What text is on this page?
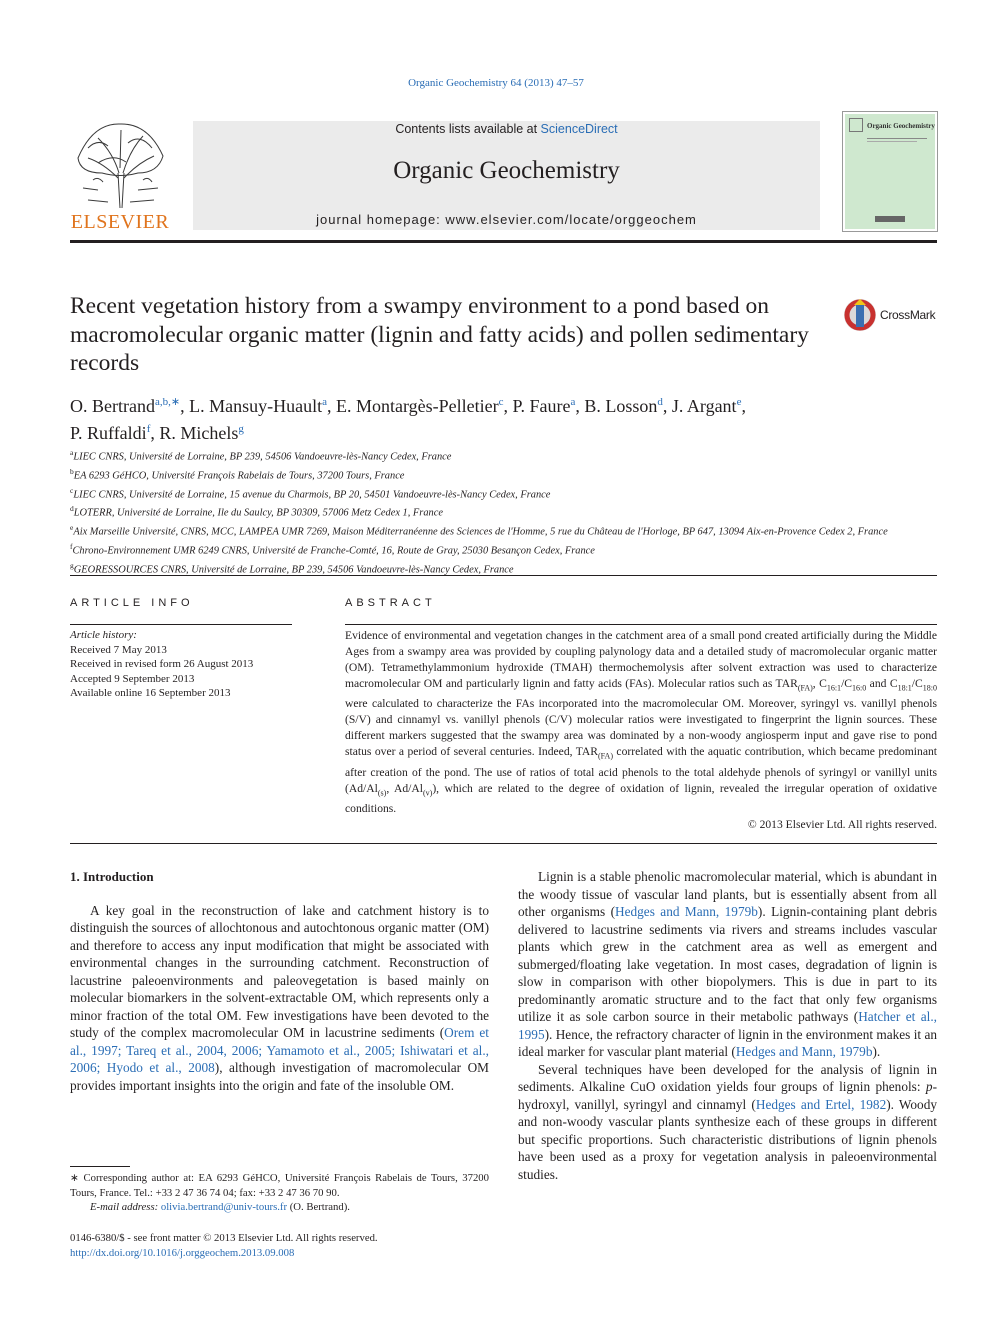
Organic Geochemistry 64 (2013) 47–57
ELSEVIER
Contents lists available at ScienceDirect
Organic Geochemistry
journal homepage: www.elsevier.com/locate/orggeochem
Organic Geochemistry
Recent vegetation history from a swampy environment to a pond based on macromolecular organic matter (lignin and fatty acids) and pollen sedimentary records
CrossMark
O. Bertrand$^{a,b,∗}$, L. Mansuy-Huault$^a$, E. Montargès-Pelletier$^c$, P. Faure$^a$, B. Losson$^d$, J. Argant$^e$,
P. Ruffaldi$^f$, R. Michels$^g$
$^a$LIEC CNRS, Université de Lorraine, BP 239, 54506 Vandoeuvre-lès-Nancy Cedex, France
$^b$EA 6293 GéHCO, Université François Rabelais de Tours, 37200 Tours, France
$^c$LIEC CNRS, Université de Lorraine, 15 avenue du Charmois, BP 20, 54501 Vandoeuvre-lès-Nancy Cedex, France
$^d$LOTERR, Université de Lorraine, Ile du Saulcy, BP 30309, 57006 Metz Cedex 1, France
$^e$Aix Marseille Université, CNRS, MCC, LAMPEA UMR 7269, Maison Méditerranéenne des Sciences de l'Homme, 5 rue du Château de l'Horloge, BP 647, 13094 Aix-en-Provence Cedex 2, France
$^f$Chrono-Environnement UMR 6249 CNRS, Université de Franche-Comté, 16, Route de Gray, 25030 Besançon Cedex, France
$^g$GEORESSOURCES CNRS, Université de Lorraine, BP 239, 54506 Vandoeuvre-lès-Nancy Cedex, France
ARTICLE INFO
Article history:
Received 7 May 2013
Received in revised form 26 August 2013
Accepted 9 September 2013
Available online 16 September 2013
ABSTRACT
Evidence of environmental and vegetation changes in the catchment area of a small pond created artificially during the Middle Ages from a swampy area was provided by coupling palynology data and a detailed study of macromolecular organic matter (OM). Tetramethylammonium hydroxide (TMAH) thermochemolysis after solvent extraction was used to characterize macromolecular OM and particularly lignin and fatty acids (FAs). Molecular ratios such as $TAR_{(FA)}$, $C_{16:1}/C_{16:0}$ and $C_{18:1}/C_{18:0}$ were calculated to characterize the FAs incorporated into the macromolecular OM. Moreover, syringyl vs. vanillyl phenols (S/V) and cinnamyl vs. vanillyl phenols (C/V) molecular ratios were investigated to fingerprint the lignin sources. These different markers suggested that the swampy area was dominated by a non-woody angiosperm input and gave rise to pond status over a period of several centuries. Indeed, $TAR_{(FA)}$ correlated with the aquatic contribution, which became predominant after creation of the pond. The use of ratios of total acid phenols to the total aldehyde phenols of syringyl or vanillyl units ($Ad/Al_{(s)}$, $Ad/Al_{(v)}$), which are related to the degree of oxidation of lignin, revealed the irregular operation of oxidative conditions.
© 2013 Elsevier Ltd. All rights reserved.
1. Introduction

A key goal in the reconstruction of lake and catchment history is to distinguish the sources of allochtonous and autochtonous organic matter (OM) and therefore to access any input modification that might be associated with environmental changes in the surrounding catchment. Reconstruction of lacustrine paleoenvironments and paleovegetation is based mainly on molecular biomarkers in the solvent-extractable OM, which represents only a minor fraction of the total OM. Few investigations have been devoted to the study of the complex macromolecular OM in lacustrine sediments (Orem et al., 1997; Tareq et al., 2004, 2006; Yamamoto et al., 2005; Ishiwatari et al., 2006; Hyodo et al., 2008), although investigation of macromolecular OM provides important insights into the origin and fate of the insoluble OM.

Lignin is a stable phenolic macromolecular material, which is abundant in the woody tissue of vascular land plants, but is essentially absent from all other organisms (Hedges and Mann, 1979b). Lignin-containing plant debris delivered to lacustrine sediments via rivers and streams includes vascular plants which grew in the catchment area as well as emergent and submerged/floating lake vegetation. In most cases, degradation of lignin is slow in comparison with other biopolymers. This is due in part to its predominantly aromatic structure and to the fact that only few organisms utilize it as sole carbon source in their metabolic pathways (Hatcher et al., 1995). Hence, the refractory character of lignin in the environment makes it an ideal marker for vascular plant material (Hedges and Mann, 1979b).

Several techniques have been developed for the analysis of lignin in sediments. Alkaline CuO oxidation yields four groups of lignin phenols: p-hydroxyl, vanillyl, syringyl and cinnamyl (Hedges and Ertel, 1982). Woody and non-woody vascular plants synthesize each of these groups in different but specific proportions. Such characteristic distributions of lignin phenols have been used as a proxy for vegetation analysis in paleoenvironmental studies.

∗ Corresponding author at: EA 6293 GéHCO, Université François Rabelais de Tours, 37200 Tours, France. Tel.: +33 2 47 36 74 04; fax: +33 2 47 36 70 90.
E-mail address: olivia.bertrand@univ-tours.fr (O. Bertrand).
0146-6380/$ - see front matter © 2013 Elsevier Ltd. All rights reserved.
http://dx.doi.org/10.1016/j.orggeochem.2013.09.008
